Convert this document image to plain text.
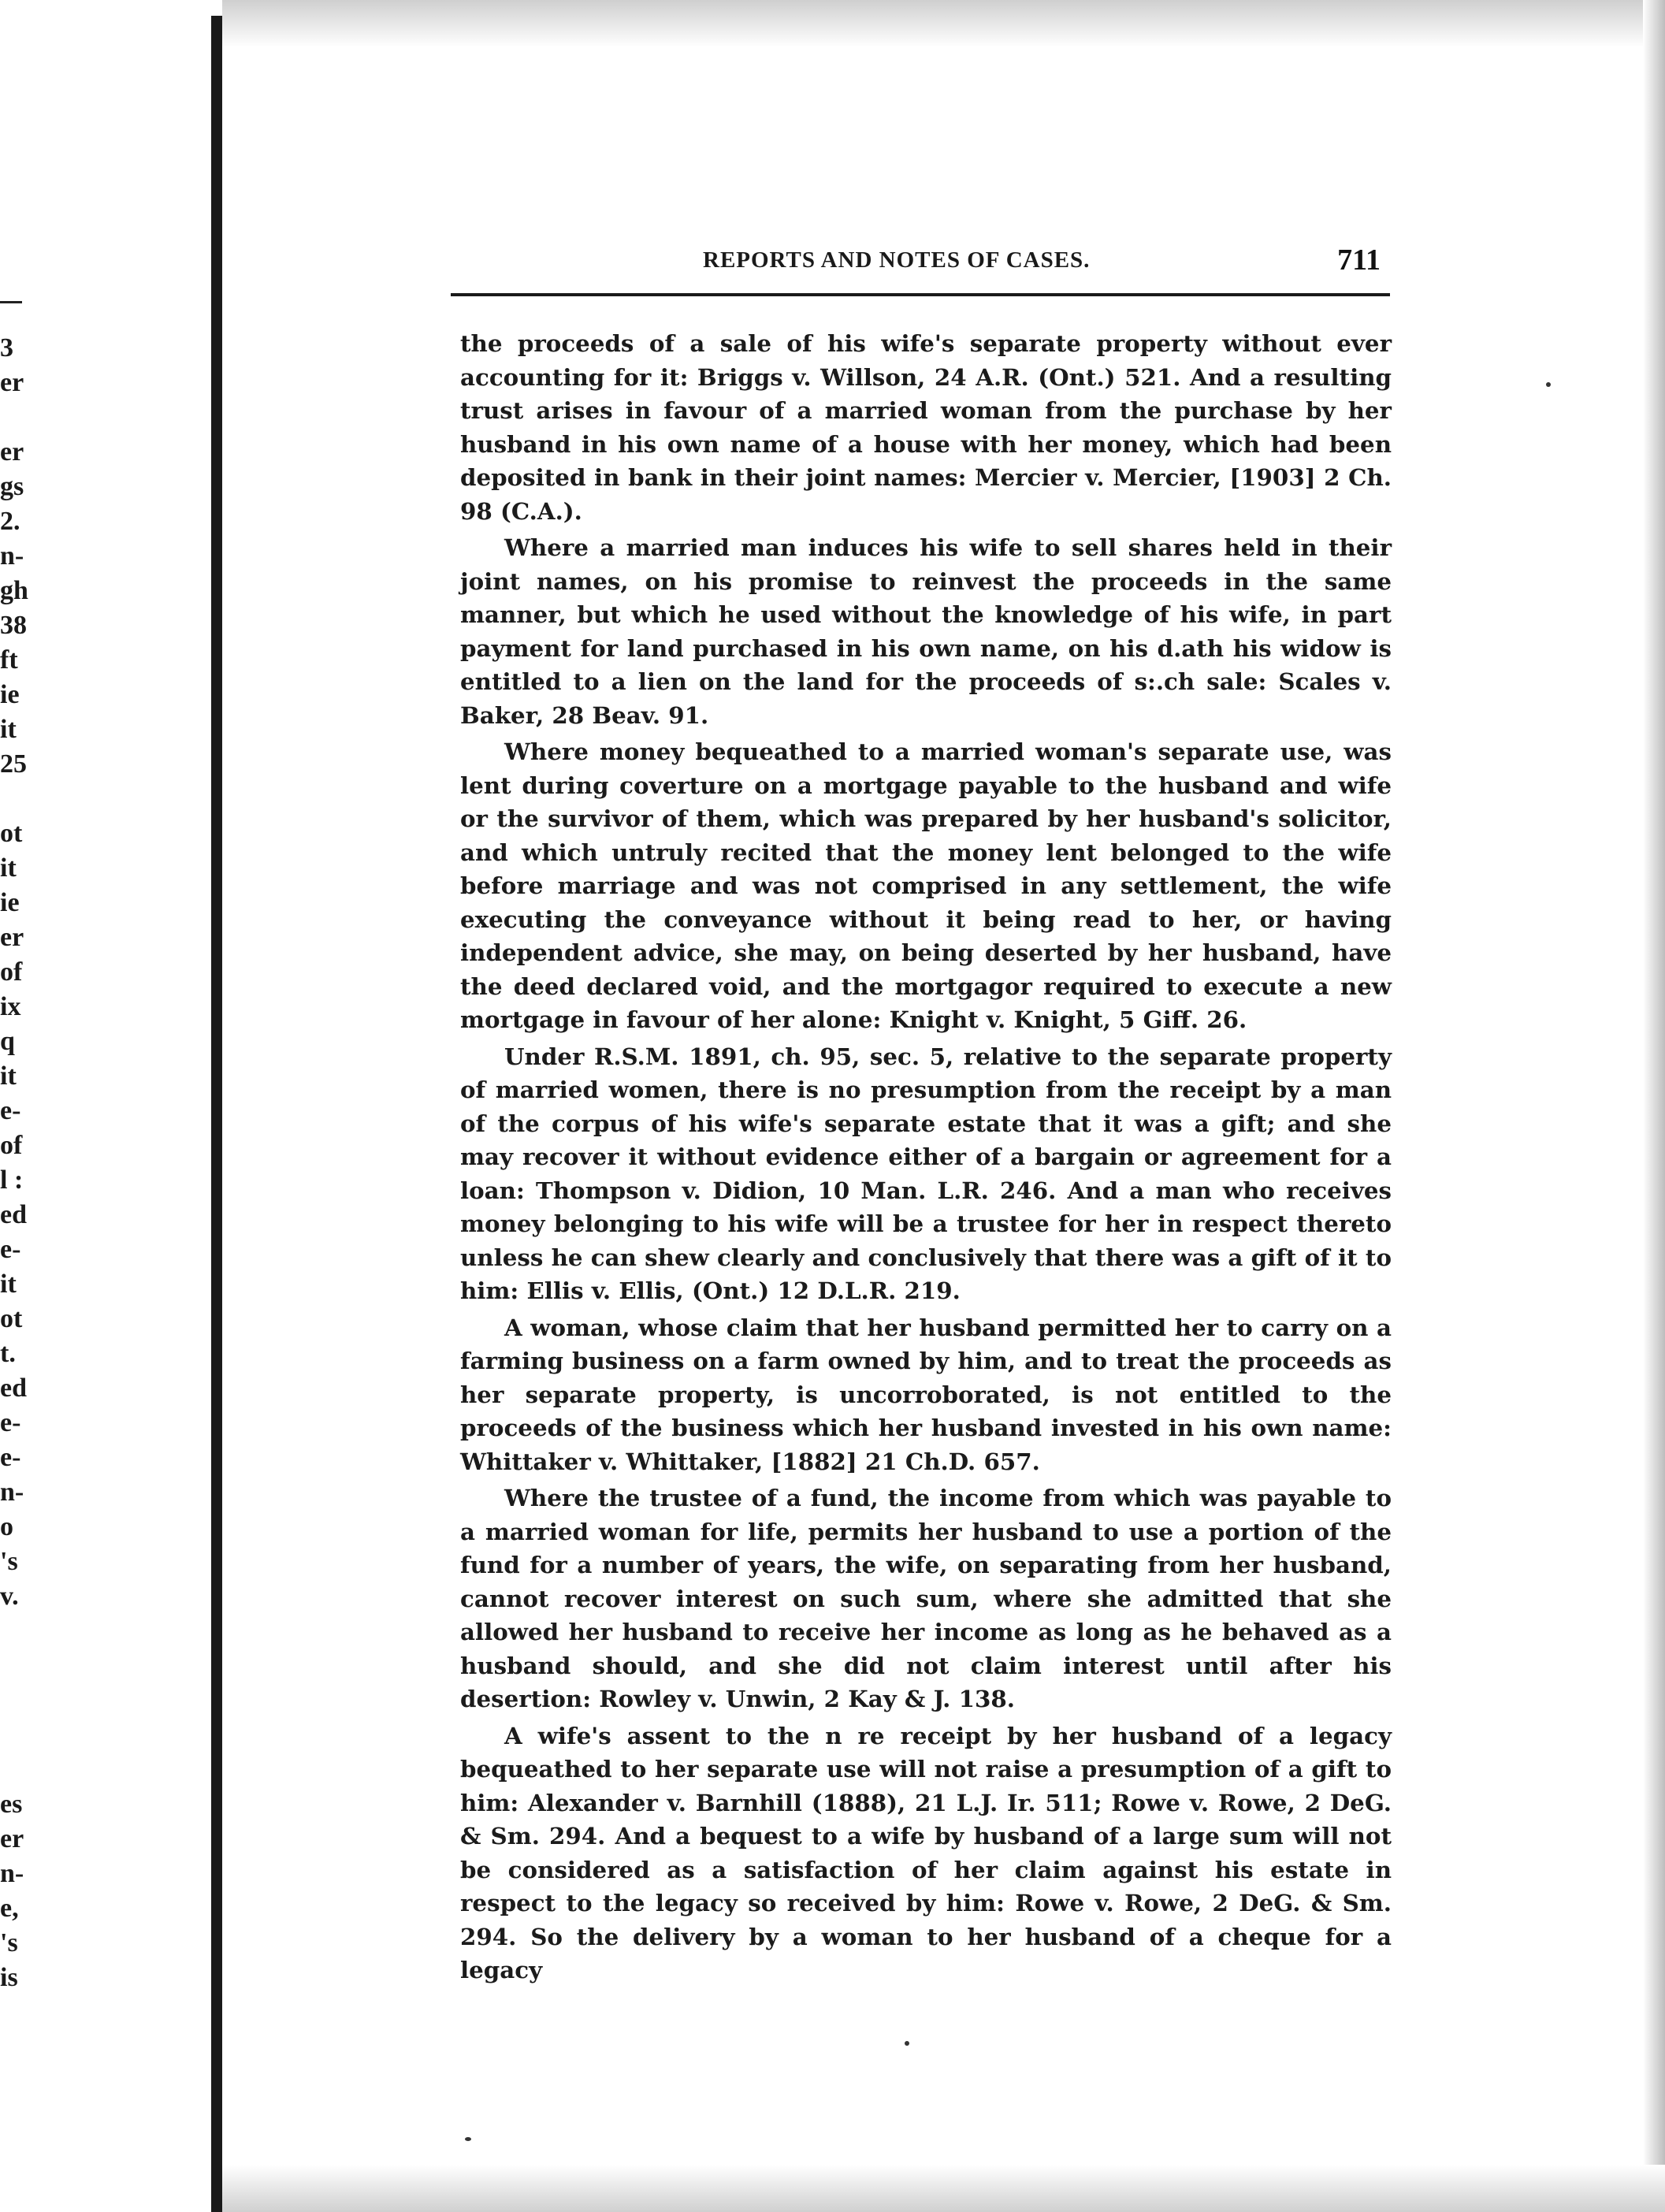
3
er
er
gs
2.
n-
gh
38
ft
ie
it
25
ot
it
ie
er
of
ix
q
it
e-
of
l :
ed
e-
it
ot
t.
ed
e-
e-
n-
o
's
v.
es
er
n-
e,
's
is
REPORTS AND NOTES OF CASES.	711

the proceeds of a sale of his wife's separate property without ever accounting for it: Briggs v. Willson, 24 A.R. (Ont.) 521. And a resulting trust arises in favour of a married woman from the purchase by her husband in his own name of a house with her money, which had been deposited in bank in their joint names: Mercier v. Mercier, [1903] 2 Ch. 98 (C.A.).

Where a married man induces his wife to sell shares held in their joint names, on his promise to reinvest the proceeds in the same manner, but which he used without the knowledge of his wife, in part payment for land purchased in his own name, on his d.ath his widow is entitled to a lien on the land for the proceeds of s:.ch sale: Scales v. Baker, 28 Beav. 91.

Where money bequeathed to a married woman's separate use, was lent during coverture on a mortgage payable to the husband and wife or the survivor of them, which was prepared by her husband's solicitor, and which untruly recited that the money lent belonged to the wife before marriage and was not comprised in any settlement, the wife executing the conveyance without it being read to her, or having independent advice, she may, on being deserted by her husband, have the deed declared void, and the mortgagor required to execute a new mortgage in favour of her alone: Knight v. Knight, 5 Giff. 26.

Under R.S.M. 1891, ch. 95, sec. 5, relative to the separate property of married women, there is no presumption from the receipt by a man of the corpus of his wife's separate estate that it was a gift; and she may recover it without evidence either of a bargain or agreement for a loan: Thompson v. Didion, 10 Man. L.R. 246. And a man who receives money belonging to his wife will be a trustee for her in respect thereto unless he can shew clearly and conclusively that there was a gift of it to him: Ellis v. Ellis, (Ont.) 12 D.L.R. 219.

A woman, whose claim that her husband permitted her to carry on a farming business on a farm owned by him, and to treat the proceeds as her separate property, is uncorroborated, is not entitled to the proceeds of the business which her husband invested in his own name: Whittaker v. Whittaker, [1882] 21 Ch.D. 657.

Where the trustee of a fund, the income from which was payable to a married woman for life, permits her husband to use a portion of the fund for a number of years, the wife, on separating from her husband, cannot recover interest on such sum, where she admitted that she allowed her husband to receive her income as long as he behaved as a husband should, and she did not claim interest until after his desertion: Rowley v. Unwin, 2 Kay & J. 138.

A wife's assent to the n re receipt by her husband of a legacy bequeathed to her separate use will not raise a presumption of a gift to him: Alexander v. Barnhill (1888), 21 L.J. Ir. 511; Rowe v. Rowe, 2 DeG. & Sm. 294. And a bequest to a wife by husband of a large sum will not be considered as a satisfaction of her claim against his estate in respect to the legacy so received by him: Rowe v. Rowe, 2 DeG. & Sm. 294. So the delivery by a woman to her husband of a cheque for a legacy
